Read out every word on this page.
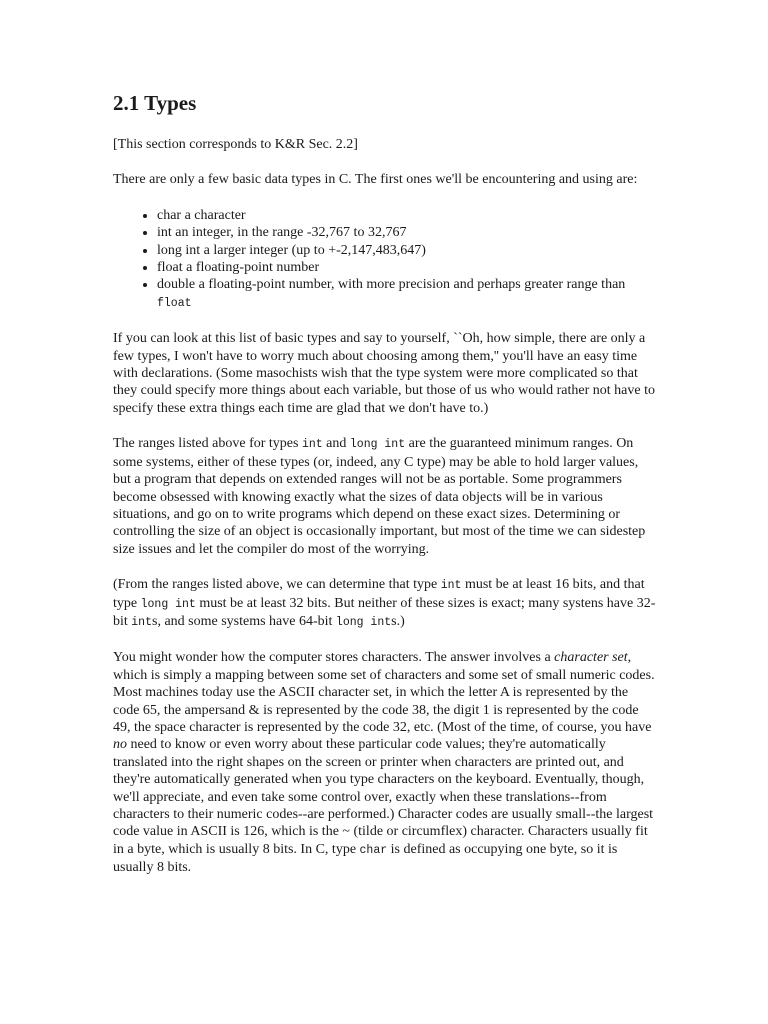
2.1 Types

[This section corresponds to K&R Sec. 2.2]

There are only a few basic data types in C. The first ones we'll be encountering and using are:

• char a character
• int an integer, in the range -32,767 to 32,767
• long int a larger integer (up to +-2,147,483,647)
• float a floating-point number
• double a floating-point number, with more precision and perhaps greater range than float

If you can look at this list of basic types and say to yourself, ``Oh, how simple, there are only a few types, I won't have to worry much about choosing among them,'' you'll have an easy time with declarations. (Some masochists wish that the type system were more complicated so that they could specify more things about each variable, but those of us who would rather not have to specify these extra things each time are glad that we don't have to.)

The ranges listed above for types int and long int are the guaranteed minimum ranges. On some systems, either of these types (or, indeed, any C type) may be able to hold larger values, but a program that depends on extended ranges will not be as portable. Some programmers become obsessed with knowing exactly what the sizes of data objects will be in various situations, and go on to write programs which depend on these exact sizes. Determining or controlling the size of an object is occasionally important, but most of the time we can sidestep size issues and let the compiler do most of the worrying.

(From the ranges listed above, we can determine that type int must be at least 16 bits, and that type long int must be at least 32 bits. But neither of these sizes is exact; many systens have 32-bit ints, and some systems have 64-bit long ints.)

You might wonder how the computer stores characters. The answer involves a character set, which is simply a mapping between some set of characters and some set of small numeric codes. Most machines today use the ASCII character set, in which the letter A is represented by the code 65, the ampersand & is represented by the code 38, the digit 1 is represented by the code 49, the space character is represented by the code 32, etc. (Most of the time, of course, you have no need to know or even worry about these particular code values; they're automatically translated into the right shapes on the screen or printer when characters are printed out, and they're automatically generated when you type characters on the keyboard. Eventually, though, we'll appreciate, and even take some control over, exactly when these translations--from characters to their numeric codes--are performed.) Character codes are usually small--the largest code value in ASCII is 126, which is the ~ (tilde or circumflex) character. Characters usually fit in a byte, which is usually 8 bits. In C, type char is defined as occupying one byte, so it is usually 8 bits.
